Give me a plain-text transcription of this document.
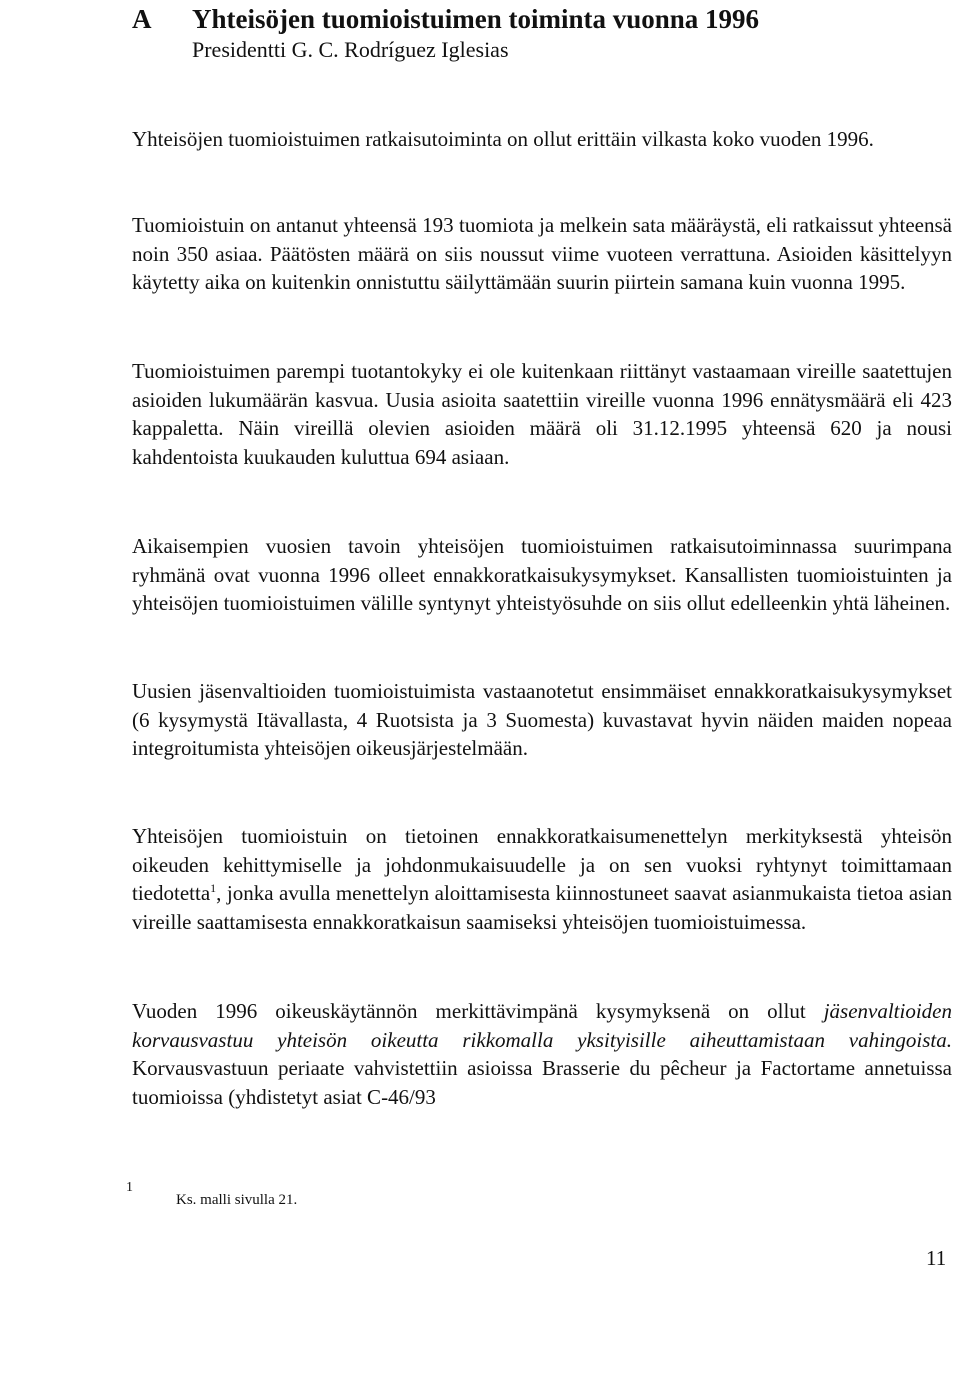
A Yhteisöjen tuomioistuimen toiminta vuonna 1996
Presidentti G. C. Rodríguez Iglesias

Yhteisöjen tuomioistuimen ratkaisutoiminta on ollut erittäin vilkasta koko vuoden 1996.

Tuomioistuin on antanut yhteensä 193 tuomiota ja melkein sata määräystä, eli ratkaissut yhteensä noin 350 asiaa. Päätösten määrä on siis noussut viime vuoteen verrattuna. Asioiden käsittelyyn käytetty aika on kuitenkin onnistuttu säilyttämään suurin piirtein samana kuin vuonna 1995.

Tuomioistuimen parempi tuotantokyky ei ole kuitenkaan riittänyt vastaamaan vireille saatettujen asioiden lukumäärän kasvua. Uusia asioita saatettiin vireille vuonna 1996 ennätysmäärä eli 423 kappaletta. Näin vireillä olevien asioiden määrä oli 31.12.1995 yhteensä 620 ja nousi kahdentoista kuukauden kuluttua 694 asiaan.

Aikaisempien vuosien tavoin yhteisöjen tuomioistuimen ratkaisutoiminnassa suurimpana ryhmänä ovat vuonna 1996 olleet ennakkoratkaisukysymykset. Kansallisten tuomioistuinten ja yhteisöjen tuomioistuimen välille syntynyt yhteistyösuhde on siis ollut edelleenkin yhtä läheinen.

Uusien jäsenvaltioiden tuomioistuimista vastaanotetut ensimmäiset ennakkoratkaisukysymykset (6 kysymystä Itävallasta, 4 Ruotsista ja 3 Suomesta) kuvastavat hyvin näiden maiden nopeaa integroitumista yhteisöjen oikeusjärjestelmään.

Yhteisöjen tuomioistuin on tietoinen ennakkoratkaisumenettelyn merkityksestä yhteisön oikeuden kehittymiselle ja johdonmukaisuudelle ja on sen vuoksi ryhtynyt toimittamaan tiedotetta$^1$, jonka avulla menettelyn aloittamisesta kiinnostuneet saavat asianmukaista tietoa asian vireille saattamisesta ennakkoratkaisun saamiseksi yhteisöjen tuomioistuimessa.

Vuoden 1996 oikeuskäytännön merkittävimpänä kysymyksenä on ollut jäsenvaltioiden korvausvastuu yhteisön oikeutta rikkomalla yksityisille aiheuttamistaan vahingoista. Korvausvastuun periaate vahvistettiin asioissa Brasserie du pêcheur ja Factortame annetuissa tuomioissa (yhdistetyt asiat C-46/93

1
Ks. malli sivulla 21.
11
